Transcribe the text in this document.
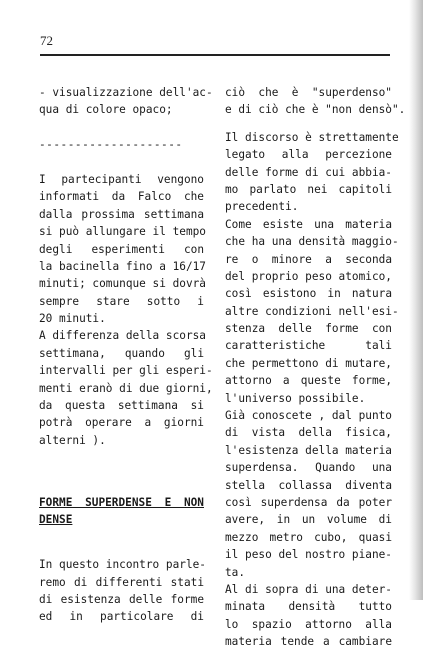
72
- visualizzazione dell'ac-
qua di colore opaco;
--------------------
I partecipanti vengono
informati da Falco che
dalla prossima settimana
si può allungare il tempo
degli esperimenti con
la bacinella fino a 16/17
minuti; comunque si dovrà
sempre stare sotto i
20 minuti.
A differenza della scorsa
settimana, quando gli
intervalli per gli esperi-
menti eranò di due giorni,
da questa settimana si
potrà operare a giorni
alterni ).
FORME SUPERDENSE E NON
DENSE
In questo incontro parle-
remo di differenti stati
di esistenza delle forme
ed in particolare di
ciò che è "superdenso"
e di ciò che è "non densò".
Il discorso è strettamente
legato alla percezione
delle forme di cui abbia-
mo parlato nei capitoli
precedenti.
Come esiste una materia
che ha una densità maggio-
re o minore a seconda
del proprio peso atomico,
così esistono in natura
altre condizioni nell'esi-
stenza delle forme con
caratteristiche tali
che permettono di mutare,
attorno a queste forme,
l'universo possibile.
Già conoscete , dal punto
di vista della fisica,
l'esistenza della materia
superdensa. Quando una
stella collassa diventa
così superdensa da poter
avere, in un volume di
mezzo metro cubo, quasi
il peso del nostro piane-
ta.
Al di sopra di una deter-
minata densità tutto
lo spazio attorno alla
materia tende a cambiare
